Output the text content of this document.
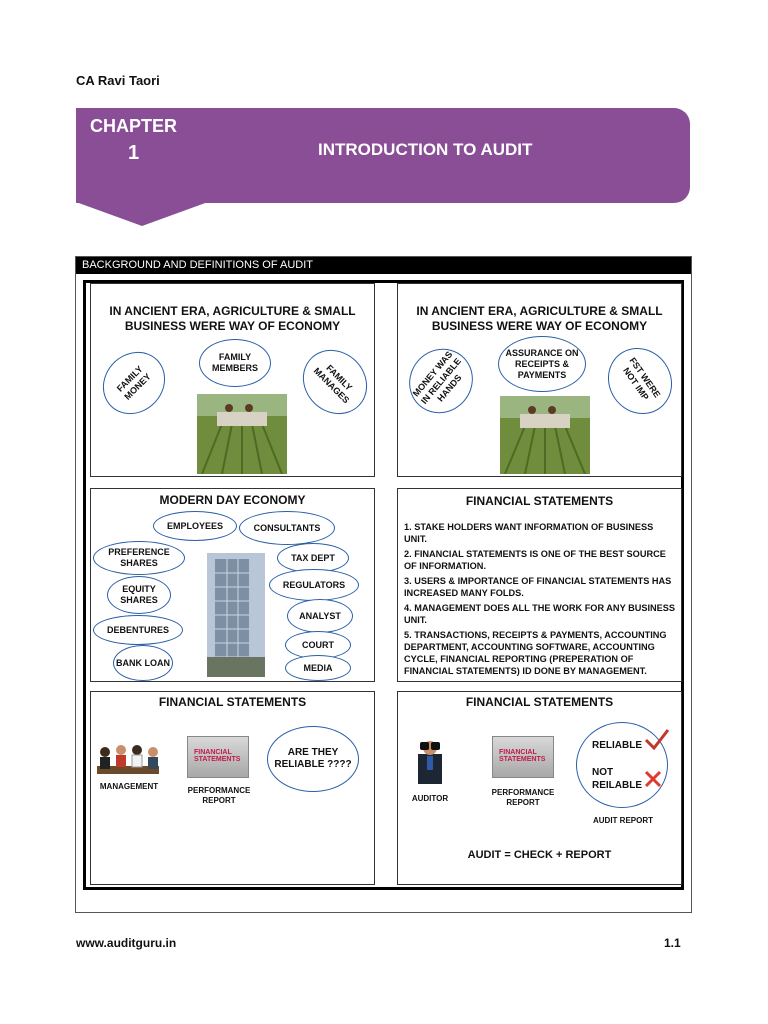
CA Ravi Taori
CHAPTER
1	INTRODUCTION TO AUDIT
BACKGROUND AND DEFINITIONS OF AUDIT
IN ANCIENT ERA, AGRICULTURE & SMALL BUSINESS WERE WAY OF ECONOMY
FAMILY MONEY
FAMILY MEMBERS	FAMILY MANAGES
IN ANCIENT ERA, AGRICULTURE & SMALL BUSINESS WERE WAY OF ECONOMY
MONEY WAS IN RELIABLE HANDS
ASSURANCE ON RECEIPTS & PAYMENTS	FST WERE NOT IMP
MODERN DAY ECONOMY
EMPLOYEES	CONSULTANTS
PREFERENCE SHARES
TAX DEPT
REGULATORS
EQUITY SHARES
ANALYST
DEBENTURES
COURT
BANK LOAN	MEDIA
FINANCIAL STATEMENTS
1. STAKE HOLDERS WANT INFORMATION OF BUSINESS UNIT.
2. FINANCIAL STATEMENTS IS ONE OF THE BEST SOURCE OF INFORMATION.
3. USERS & IMPORTANCE OF FINANCIAL STATEMENTS HAS INCREASED MANY FOLDS.
4. MANAGEMENT DOES ALL THE WORK FOR ANY BUSINESS UNIT.
5. TRANSACTIONS, RECEIPTS & PAYMENTS, ACCOUNTING DEPARTMENT, ACCOUNTING SOFTWARE, ACCOUNTING CYCLE, FINANCIAL REPORTING (PREPERATION OF FINANCIAL STATEMENTS) ID DONE BY MANAGEMENT.
FINANCIAL STATEMENTS
MANAGEMENT
FINANCIAL STATEMENTS
PERFORMANCE REPORT
ARE THEY RELIABLE ????
FINANCIAL STATEMENTS
AUDITOR
FINANCIAL STATEMENTS
PERFORMANCE REPORT
RELIABLE
NOT REILABLE
AUDIT REPORT
AUDIT = CHECK + REPORT
www.auditguru.in	1.1
